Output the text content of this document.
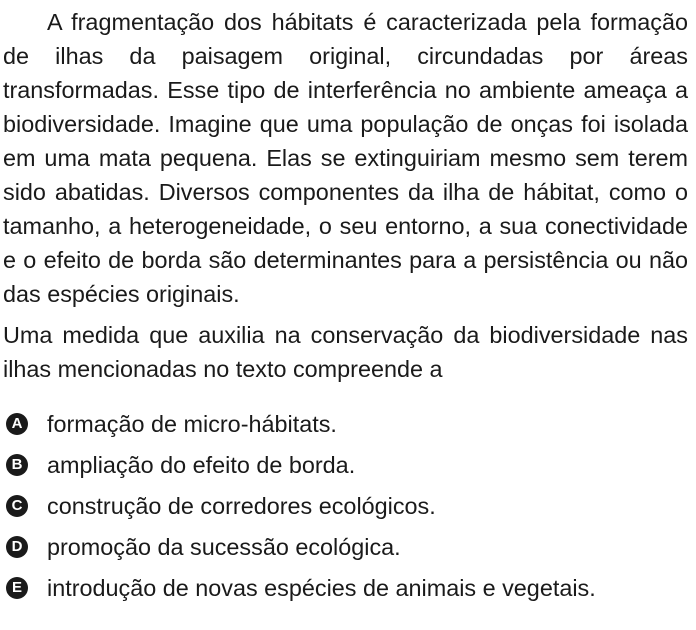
A fragmentação dos hábitats é caracterizada pela formação de ilhas da paisagem original, circundadas por áreas transformadas. Esse tipo de interferência no ambiente ameaça a biodiversidade. Imagine que uma população de onças foi isolada em uma mata pequena. Elas se extinguiriam mesmo sem terem sido abatidas. Diversos componentes da ilha de hábitat, como o tamanho, a heterogeneidade, o seu entorno, a sua conectividade e o efeito de borda são determinantes para a persistência ou não das espécies originais.

Uma medida que auxilia na conservação da biodiversidade nas ilhas mencionadas no texto compreende a

A formação de micro-hábitats.
B ampliação do efeito de borda.
C construção de corredores ecológicos.
D promoção da sucessão ecológica.
E introdução de novas espécies de animais e vegetais.
